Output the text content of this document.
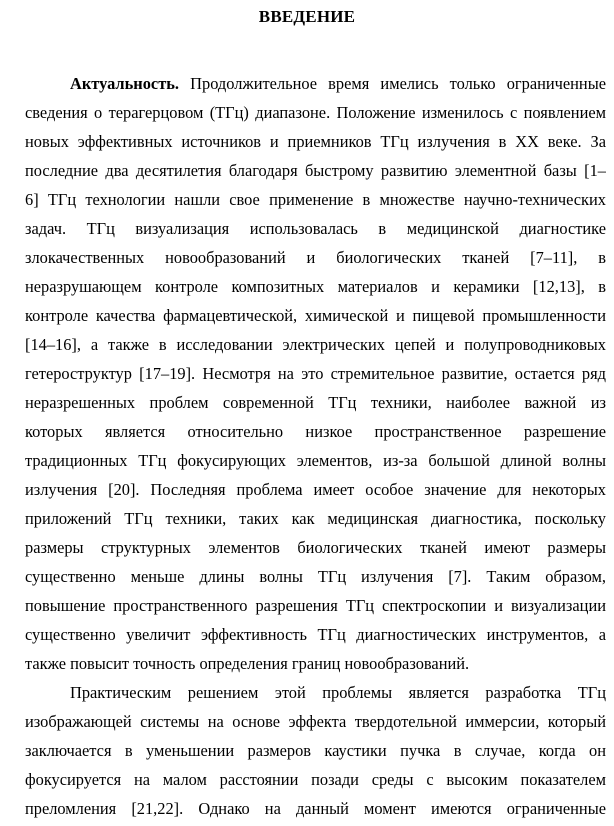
ВВЕДЕНИЕ
Актуальность. Продолжительное время имелись только ограниченные
сведения о терагерцовом (ТГц) диапазоне. Положение изменилось с появлением
новых эффективных источников и приемников ТГц излучения в XX веке. За
последние два десятилетия благодаря быстрому развитию элементной базы [1–
6] ТГц технологии нашли свое применение в множестве научно-технических
задач. ТГц визуализация использовалась в медицинской диагностике
злокачественных новообразований и биологических тканей [7–11], в
неразрушающем контроле композитных материалов и керамики [12,13], в
контроле качества фармацевтической, химической и пищевой промышленности
[14–16], а также в исследовании электрических цепей и полупроводниковых
гетероструктур [17–19]. Несмотря на это стремительное развитие, остается ряд
неразрешенных проблем современной ТГц техники, наиболее важной из
которых является относительно низкое пространственное разрешение
традиционных ТГц фокусирующих элементов, из-за большой длиной волны
излучения [20]. Последняя проблема имеет особое значение для некоторых
приложений ТГц техники, таких как медицинская диагностика, поскольку
размеры структурных элементов биологических тканей имеют размеры
существенно меньше длины волны ТГц излучения [7]. Таким образом,
повышение пространственного разрешения ТГц спектроскопии и визуализации
существенно увеличит эффективность ТГц диагностических инструментов, а
также повысит точность определения границ новообразований.
Практическим решением этой проблемы является разработка ТГц
изображающей системы на основе эффекта твердотельной иммерсии, который
заключается в уменьшении размеров каустики пучка в случае, когда он
фокусируется на малом расстоянии позади среды с высоким показателем
преломления [21,22]. Однако на данный момент имеются ограниченные
